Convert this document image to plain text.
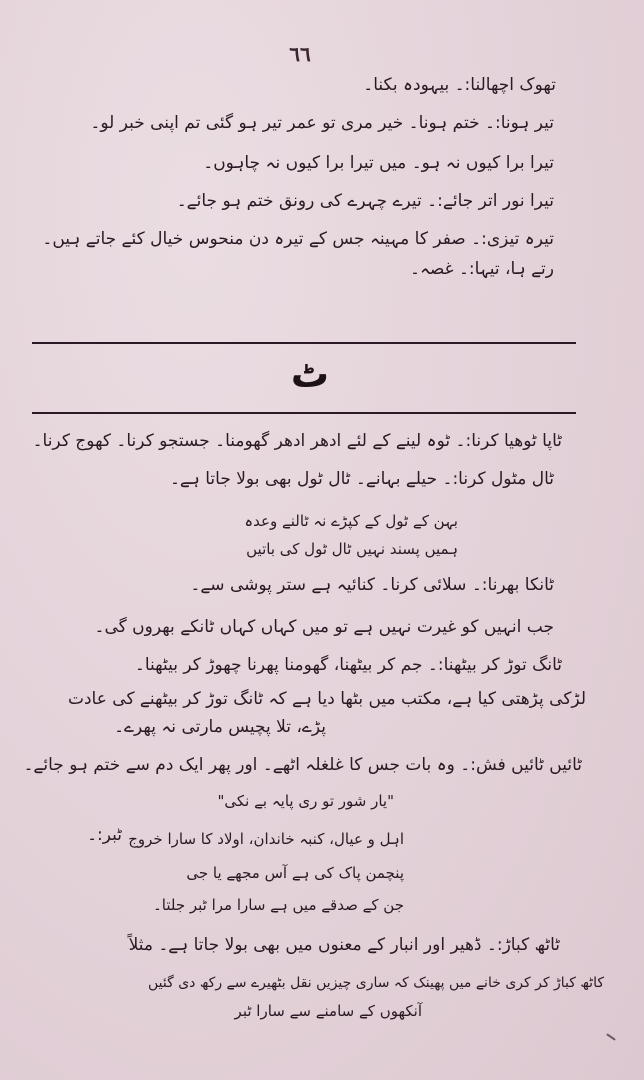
٦٦
تھوک اچھالنا:۔ بیہودہ بکنا۔
تیر ہونا:۔ ختم ہونا۔ خیر مری تو عمر تیر ہو گئی تم اپنی خبر لو۔
تیرا برا کیوں نہ ہو۔ میں تیرا برا کیوں نہ چاہوں۔
تیرا نور اتر جائے:۔ تیرے چہرے کی رونق ختم ہو جائے۔
تیرہ تیزی:۔ صفر کا مہینہ جس کے تیرہ دن منحوس خیال کئے جاتے ہیں۔
رتے ہا، تیہا:۔ غصہ۔
ٹ
ٹاپا ٹوھیا کرنا:۔ ٹوہ لینے کے لئے ادھر ادھر گھومنا۔ جستجو کرنا۔ کھوج کرنا۔
ٹال مٹول کرنا:۔ حیلے بہانے۔ ٹال ٹول بھی بولا جاتا ہے۔
بہن کے ٹول کے کپڑے نہ ٹالنے وعدہ
ہمیں پسند نہیں ٹال ٹول کی باتیں
ٹانکا بھرنا:۔ سلائی کرنا۔ کنائیہ ہے ستر پوشی سے۔
جب انہیں کو غیرت نہیں ہے تو میں کہاں کہاں ٹانکے بھروں گی۔
ٹانگ توڑ کر بیٹھنا:۔ جم کر بیٹھنا، گھومنا پھرنا چھوڑ کر بیٹھنا۔
لڑکی پڑھتی کیا ہے، مکتب میں بٹھا دیا ہے کہ ٹانگ توڑ کر بیٹھنے کی عادت
پڑے، تلا پچیس مارتی نہ پھرے۔
ٹائیں ٹائیں فش:۔ وہ بات جس کا غلغلہ اٹھے۔ اور پھر ایک دم سے ختم ہو جائے۔
"یار شور تو ری پایہ بے نکی"
ٹبر:۔ اہل و عیال، کنبہ خاندان، اولاد کا سارا خروج
پنچمن پاک کی ہے آس مجھے یا جی
جن کے صدقے میں ہے سارا مرا ٹبر جلتا۔
ٹاٹھ کباڑ:۔ ڈھیر اور انبار کے معنوں میں بھی بولا جاتا ہے۔ مثلاً
کاٹھ کباڑ کر کری خانے میں پھینک کہ ساری چیزیں نقل بٹھیرے سے رکھ دی گئیں
آنکھوں کے سامنے سے سارا ٹبر
